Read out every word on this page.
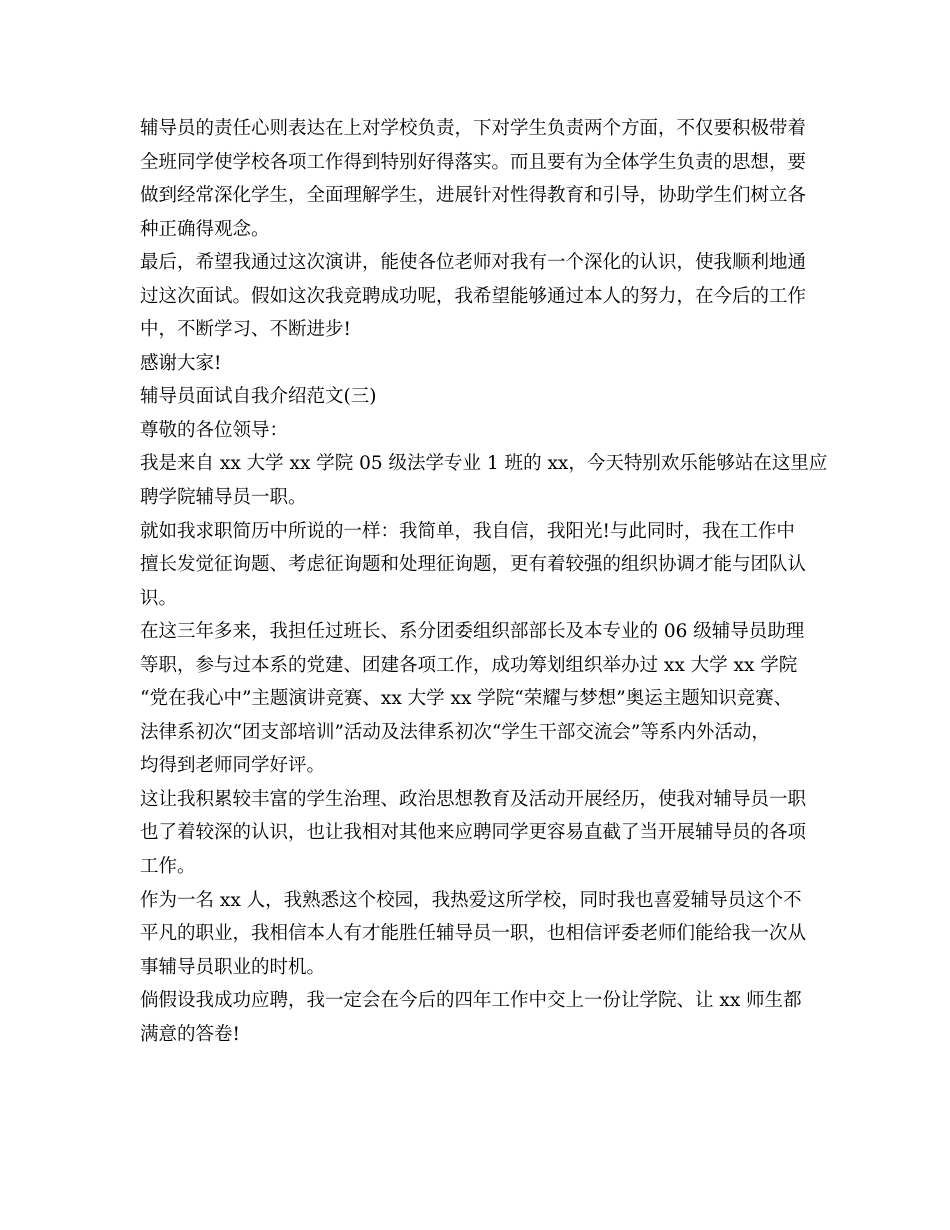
辅导员的责任心则表达在上对学校负责，下对学生负责两个方面，不仅要积极带着
全班同学使学校各项工作得到特别好得落实。而且要有为全体学生负责的思想，要
做到经常深化学生，全面理解学生，进展针对性得教育和引导，协助学生们树立各
种正确得观念。
最后，希望我通过这次演讲，能使各位老师对我有一个深化的认识，使我顺利地通
过这次面试。假如这次我竞聘成功呢，我希望能够通过本人的努力，在今后的工作
中，不断学习、不断进步!
感谢大家!
辅导员面试自我介绍范文(三)
尊敬的各位领导：
我是来自 xx 大学 xx 学院 05 级法学专业 1 班的 xx，今天特别欢乐能够站在这里应
聘学院辅导员一职。
就如我求职简历中所说的一样：我简单，我自信，我阳光!与此同时，我在工作中
擅长发觉征询题、考虑征询题和处理征询题，更有着较强的组织协调才能与团队认
识。
在这三年多来，我担任过班长、系分团委组织部部长及本专业的 06 级辅导员助理
等职，参与过本系的党建、团建各项工作，成功筹划组织举办过 xx 大学 xx 学院
“党在我心中”主题演讲竞赛、xx 大学 xx 学院“荣耀与梦想”奥运主题知识竞赛、
法律系初次“团支部培训”活动及法律系初次“学生干部交流会”等系内外活动，
均得到老师同学好评。
这让我积累较丰富的学生治理、政治思想教育及活动开展经历，使我对辅导员一职
也了着较深的认识，也让我相对其他来应聘同学更容易直截了当开展辅导员的各项
工作。
作为一名 xx 人，我熟悉这个校园，我热爱这所学校，同时我也喜爱辅导员这个不
平凡的职业，我相信本人有才能胜任辅导员一职，也相信评委老师们能给我一次从
事辅导员职业的时机。
倘假设我成功应聘，我一定会在今后的四年工作中交上一份让学院、让 xx 师生都
满意的答卷!
